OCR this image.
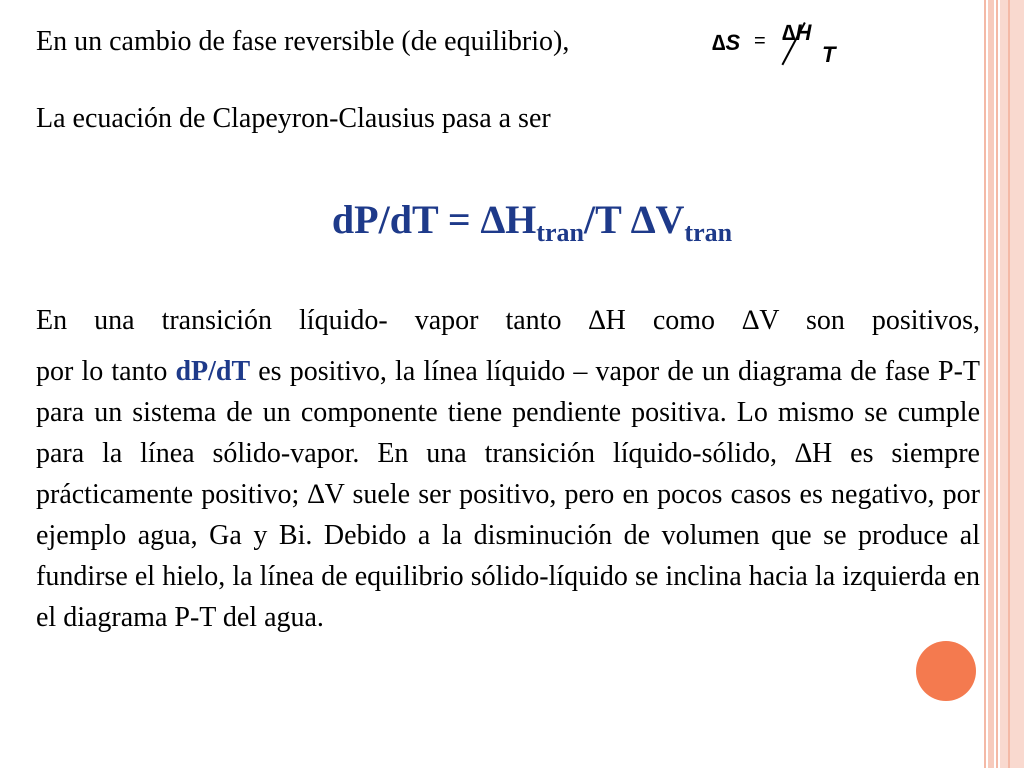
En un cambio de fase reversible (de equilibrio),	∆S = ∆H
T
La ecuación de Clapeyron-Clausius pasa a ser
$dP/dT = \Delta H_{tran}/T$ $\Delta V_{tran}$
En una transición líquido- vapor tanto ∆H como ∆V son positivos,
por lo tanto dP/dT es positivo, la línea líquido – vapor de un diagrama de fase P-T para un sistema de un componente tiene pendiente positiva. Lo mismo se cumple para la línea sólido-vapor. En una transición líquido-sólido, ∆H es siempre prácticamente positivo; ∆V suele ser positivo, pero en pocos casos es negativo, por ejemplo agua, Ga y Bi. Debido a la disminución de volumen que se produce al fundirse el hielo, la línea de equilibrio sólido-líquido se inclina hacia la izquierda en el diagrama P-T del agua.
